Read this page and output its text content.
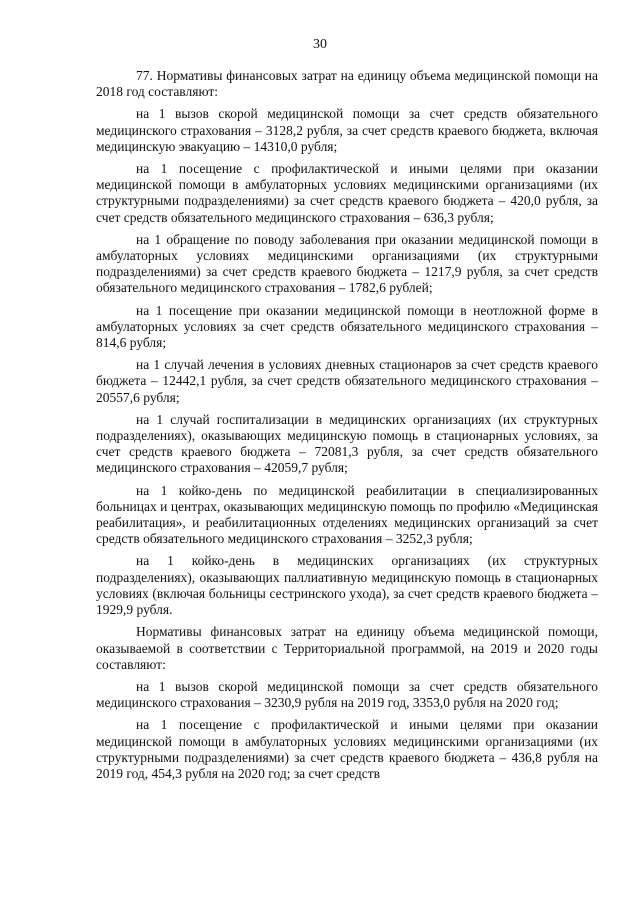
30

77. Нормативы финансовых затрат на единицу объема медицинской помощи на 2018 год составляют:

на 1 вызов скорой медицинской помощи за счет средств обязательного медицинского страхования – 3128,2 рубля, за счет средств краевого бюджета, включая медицинскую эвакуацию – 14310,0 рубля;

на 1 посещение с профилактической и иными целями при оказании медицинской помощи в амбулаторных условиях медицинскими организациями (их структурными подразделениями) за счет средств краевого бюджета – 420,0 рубля, за счет средств обязательного медицинского страхования – 636,3 рубля;

на 1 обращение по поводу заболевания при оказании медицинской помощи в амбулаторных условиях медицинскими организациями (их структурными подразделениями) за счет средств краевого бюджета – 1217,9 рубля, за счет средств обязательного медицинского страхования – 1782,6 рублей;

на 1 посещение при оказании медицинской помощи в неотложной форме в амбулаторных условиях за счет средств обязательного медицинского страхования – 814,6 рубля;

на 1 случай лечения в условиях дневных стационаров за счет средств краевого бюджета – 12442,1 рубля, за счет средств обязательного медицинского страхования – 20557,6 рубля;

на 1 случай госпитализации в медицинских организациях (их структурных подразделениях), оказывающих медицинскую помощь в стационарных условиях, за счет средств краевого бюджета – 72081,3 рубля, за счет средств обязательного медицинского страхования – 42059,7 рубля;

на 1 койко-день по медицинской реабилитации в специализированных больницах и центрах, оказывающих медицинскую помощь по профилю «Медицинская реабилитация», и реабилитационных отделениях медицинских организаций за счет средств обязательного медицинского страхования – 3252,3 рубля;

на 1 койко-день в медицинских организациях (их структурных подразделениях), оказывающих паллиативную медицинскую помощь в стационарных условиях (включая больницы сестринского ухода), за счет средств краевого бюджета – 1929,9 рубля.

Нормативы финансовых затрат на единицу объема медицинской помощи, оказываемой в соответствии с Территориальной программой, на 2019 и 2020 годы составляют:

на 1 вызов скорой медицинской помощи за счет средств обязательного медицинского страхования – 3230,9 рубля на 2019 год, 3353,0 рубля на 2020 год;

на 1 посещение с профилактической и иными целями при оказании медицинской помощи в амбулаторных условиях медицинскими организациями (их структурными подразделениями) за счет средств краевого бюджета – 436,8 рубля на 2019 год, 454,3 рубля на 2020 год; за счет средств
